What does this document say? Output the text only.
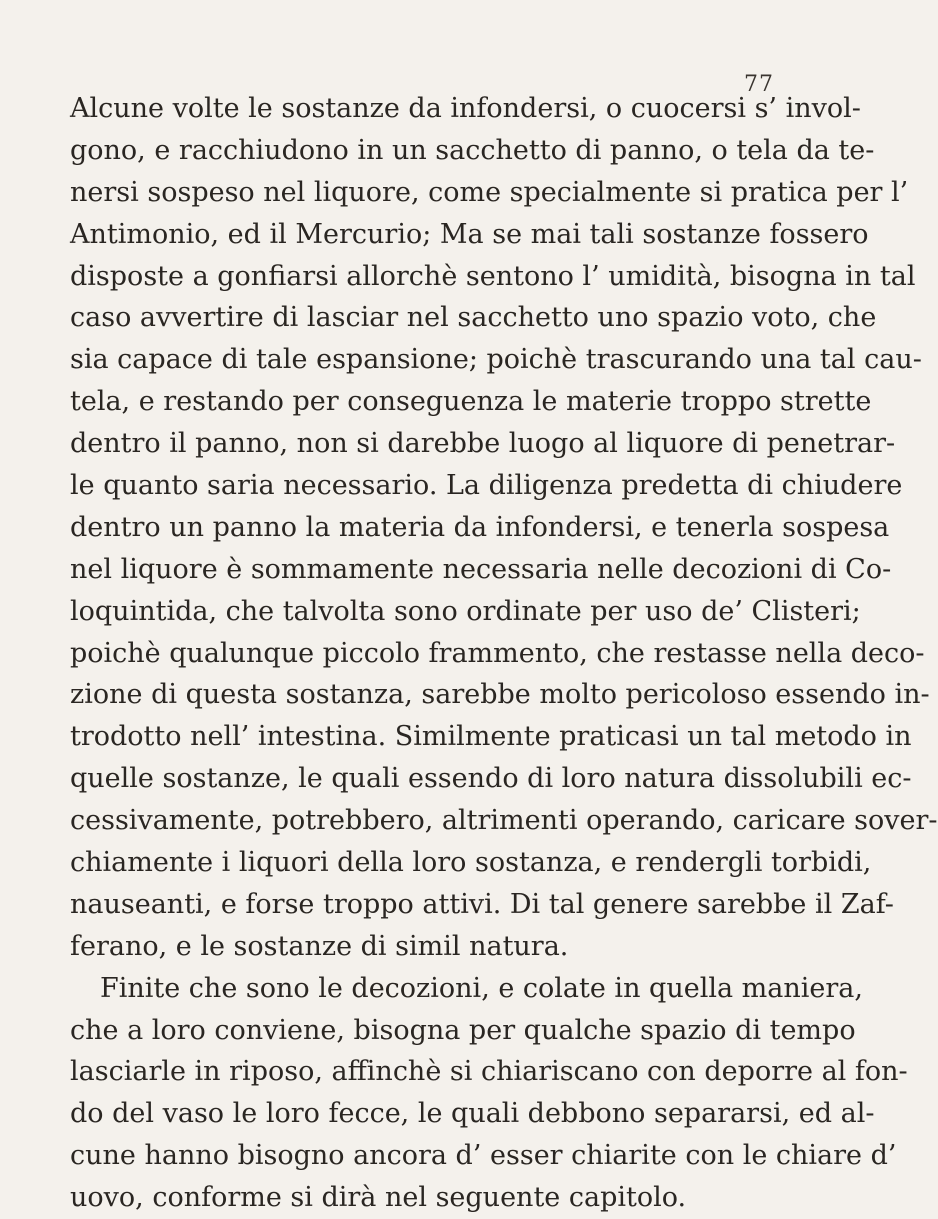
77
Alcune volte le sostanze da infondersi, o cuocersi s’ invol-
gono, e racchiudono in un sacchetto di panno, o tela da te-
nersi sospeso nel liquore, come specialmente si pratica per l’
Antimonio, ed il Mercurio; Ma se mai tali sostanze fossero
disposte a gonfiarsi allorchè sentono l’ umidità, bisogna in tal
caso avvertire di lasciar nel sacchetto uno spazio voto, che
sia capace di tale espansione; poichè trascurando una tal cau-
tela, e restando per conseguenza le materie troppo strette
dentro il panno, non si darebbe luogo al liquore di penetrar-
le quanto saria necessario. La diligenza predetta di chiudere
dentro un panno la materia da infondersi, e tenerla sospesa
nel liquore è sommamente necessaria nelle decozioni di Co-
loquintida, che talvolta sono ordinate per uso de’ Clisteri;
poichè qualunque piccolo frammento, che restasse nella deco-
zione di questa sostanza, sarebbe molto pericoloso essendo in-
trodotto nell’ intestina. Similmente praticasi un tal metodo in
quelle sostanze, le quali essendo di loro natura dissolubili ec-
cessivamente, potrebbero, altrimenti operando, caricare sover-
chiamente i liquori della loro sostanza, e rendergli torbidi,
nauseanti, e forse troppo attivi. Di tal genere sarebbe il Zaf-
ferano, e le sostanze di simil natura.
Finite che sono le decozioni, e colate in quella maniera,
che a loro conviene, bisogna per qualche spazio di tempo
lasciarle in riposo, affinchè si chiariscano con deporre al fon-
do del vaso le loro fecce, le quali debbono separarsi, ed al-
cune hanno bisogno ancora d’ esser chiarite con le chiare d’
uovo, conforme si dirà nel seguente capitolo.
